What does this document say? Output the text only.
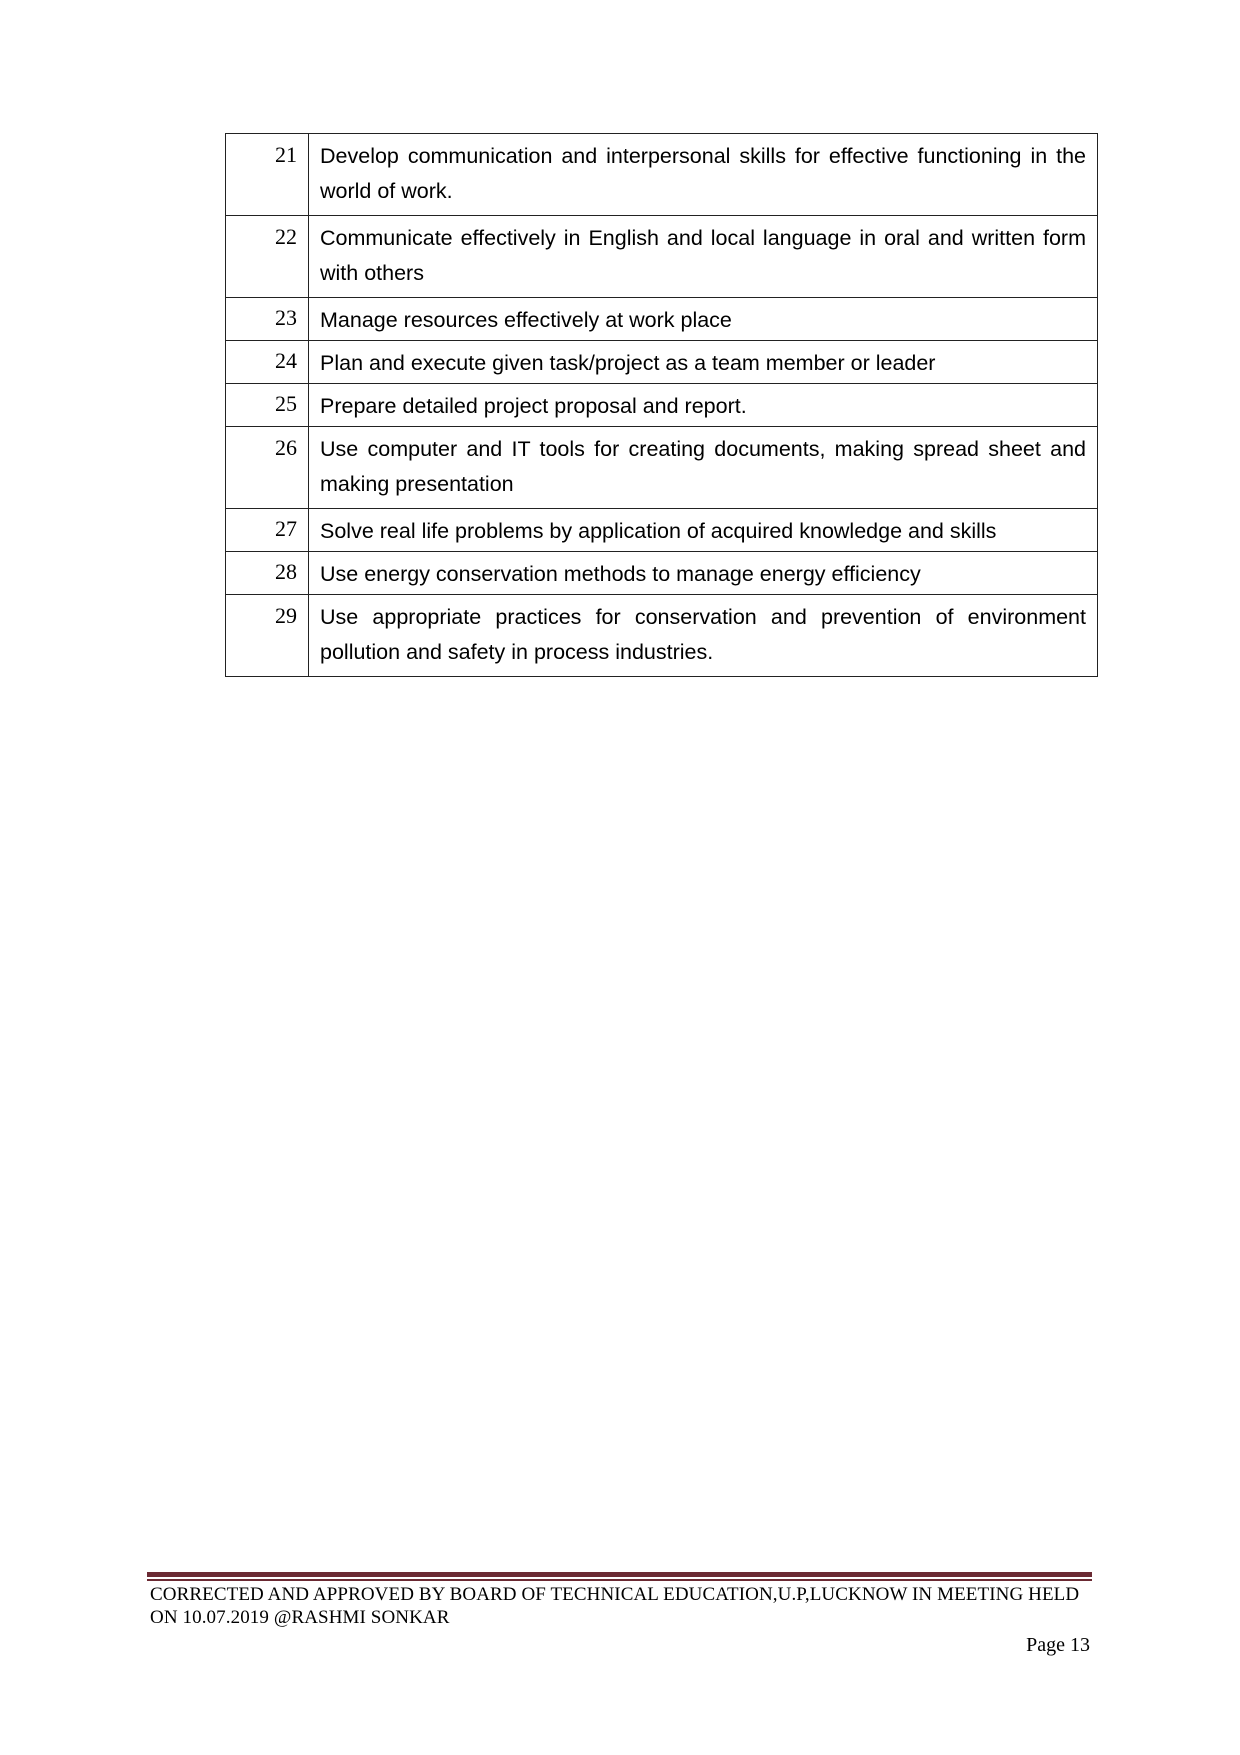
21	Develop communication and interpersonal skills for effective functioning in the world of work.
22	Communicate effectively in English and local language in oral and written form with others
23	Manage resources effectively at work place
24	Plan and execute given task/project as a team member or leader
25	Prepare detailed project proposal and report.
26	Use computer and IT tools for creating documents, making spread sheet and making presentation
27	Solve real life problems by application of acquired knowledge and skills
28	Use energy conservation methods to manage energy efficiency
29	Use appropriate practices for conservation and prevention of environment pollution and safety in process industries.
CORRECTED AND APPROVED BY BOARD OF TECHNICAL EDUCATION,U.P,LUCKNOW IN MEETING HELD
ON 10.07.2019 @RASHMI SONKAR
Page 13
